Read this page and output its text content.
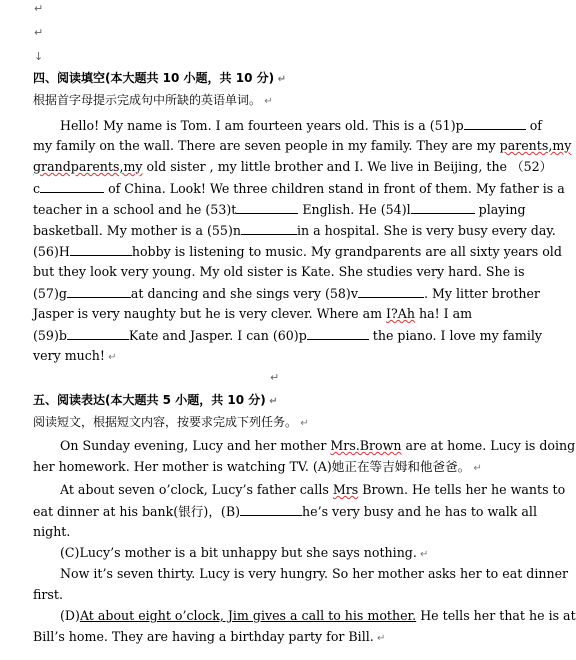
↵
↵
↓
四、阅读填空(本大题共 10 小题，共 10 分) ↵
根据首字母提示完成句中所缺的英语单词。 ↵
Hello! My name is Tom. I am fourteen years old. This is a (51)p	of
my family on the wall. There are seven people in my family. They are my parents,my
grandparents,my old sister , my little brother and I. We live in Beijing, the （52）
c	of China. Look! We three children stand in front of them. My father is a
teacher in a school and he (53)t	English. He (54)l	playing
basketball. My mother is a (55)n	in a hospital. She is very busy every day.
(56)H	hobby is listening to music. My grandparents are all sixty years old
but they look very young. My old sister is Kate. She studies very hard. She is
(57)g	at dancing and she sings very (58)v	. My litter brother
Jasper is very naughty but he is very clever. Where am I?Ah ha! I am
(59)b	Kate and Jasper. I can (60)p	the piano. I love my family
very much! ↵
↵
五、阅读表达(本大题共 5 小题，共 10 分) ↵
阅读短文，根据短文内容，按要求完成下列任务。 ↵
On Sunday evening, Lucy and her mother Mrs.Brown are at home. Lucy is doing
her homework. Her mother is watching TV. (A)她正在等吉姆和他爸爸。 ↵
At about seven o’clock, Lucy’s father calls Mrs Brown. He tells her he wants to
eat dinner at his bank(银行)，(B)	he’s very busy and he has to walk all
night.
(C)Lucy’s mother is a bit unhappy but she says nothing. ↵
Now it’s seven thirty. Lucy is very hungry. So her mother asks her to eat dinner
first.
(D)At about eight o’clock, Jim gives a call to his mother. He tells her that he is at
Bill’s home. They are having a birthday party for Bill. ↵
